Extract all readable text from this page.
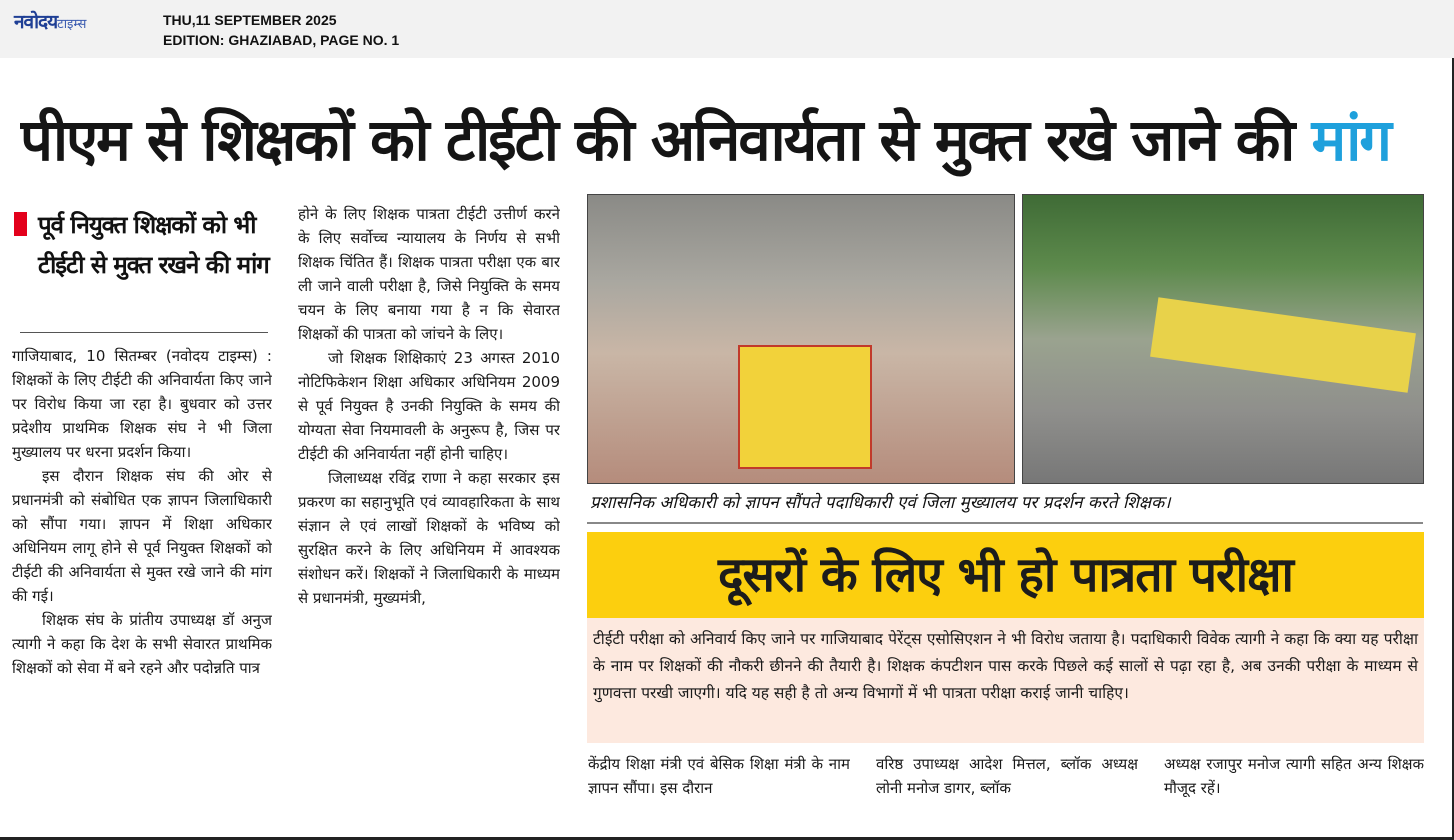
नवोदयटाइम्स	THU,11 SEPTEMBER 2025
EDITION: GHAZIABAD, PAGE NO. 1
पीएम से शिक्षकों को टीईटी की अनिवार्यता से मुक्त रखे जाने की मांग
पूर्व नियुक्त शिक्षकों को भी टीईटी से मुक्त रखने की मांग

गाजियाबाद, 10 सितम्बर (नवोदय टाइम्स) : शिक्षकों के लिए टीईटी की अनिवार्यता किए जाने पर विरोध किया जा रहा है। बुधवार को उत्तर प्रदेशीय प्राथमिक शिक्षक संघ ने भी जिला मुख्यालय पर धरना प्रदर्शन किया।

इस दौरान शिक्षक संघ की ओर से प्रधानमंत्री को संबोधित एक ज्ञापन जिलाधिकारी को सौंपा गया। ज्ञापन में शिक्षा अधिकार अधिनियम लागू होने से पूर्व नियुक्त शिक्षकों को टीईटी की अनिवार्यता से मुक्त रखे जाने की मांग की गई।

शिक्षक संघ के प्रांतीय उपाध्यक्ष डॉ अनुज त्यागी ने कहा कि देश के सभी सेवारत प्राथमिक शिक्षकों को सेवा में बने रहने और पदोन्नति पात्र

होने के लिए शिक्षक पात्रता टीईटी उत्तीर्ण करने के लिए सर्वोच्च न्यायालय के निर्णय से सभी शिक्षक चिंतित हैं। शिक्षक पात्रता परीक्षा एक बार ली जाने वाली परीक्षा है, जिसे नियुक्ति के समय चयन के लिए बनाया गया है न कि सेवारत शिक्षकों की पात्रता को जांचने के लिए।

जो शिक्षक शिक्षिकाएं 23 अगस्त 2010 नोटिफिकेशन शिक्षा अधिकार अधिनियम 2009 से पूर्व नियुक्त है उनकी नियुक्ति के समय की योग्यता सेवा नियमावली के अनुरूप है, जिस पर टीईटी की अनिवार्यता नहीं होनी चाहिए।

जिलाध्यक्ष रविंद्र राणा ने कहा सरकार इस प्रकरण का सहानुभूति एवं व्यावहारिकता के साथ संज्ञान ले एवं लाखों शिक्षकों के भविष्य को सुरक्षित करने के लिए अधिनियम में आवश्यक संशोधन करें। शिक्षकों ने जिलाधिकारी के माध्यम से प्रधानमंत्री, मुख्यमंत्री,

प्रशासनिक अधिकारी को ज्ञापन सौंपते पदाधिकारी एवं जिला मुख्यालय पर प्रदर्शन करते शिक्षक।
दूसरों के लिए भी हो पात्रता परीक्षा
टीईटी परीक्षा को अनिवार्य किए जाने पर गाजियाबाद पेरेंट्स एसोसिएशन ने भी विरोध जताया है। पदाधिकारी विवेक त्यागी ने कहा कि क्या यह परीक्षा के नाम पर शिक्षकों की नौकरी छीनने की तैयारी है। शिक्षक कंपटीशन पास करके पिछले कई सालों से पढ़ा रहा है, अब उनकी परीक्षा के माध्यम से गुणवत्ता परखी जाएगी। यदि यह सही है तो अन्य विभागों में भी पात्रता परीक्षा कराई जानी चाहिए।
केंद्रीय शिक्षा मंत्री एवं बेसिक शिक्षा मंत्री के नाम ज्ञापन सौंपा। इस दौरान
वरिष्ठ उपाध्यक्ष आदेश मित्तल, ब्लॉक अध्यक्ष लोनी मनोज डागर, ब्लॉक
अध्यक्ष रजापुर मनोज त्यागी सहित अन्य शिक्षक मौजूद रहें।
